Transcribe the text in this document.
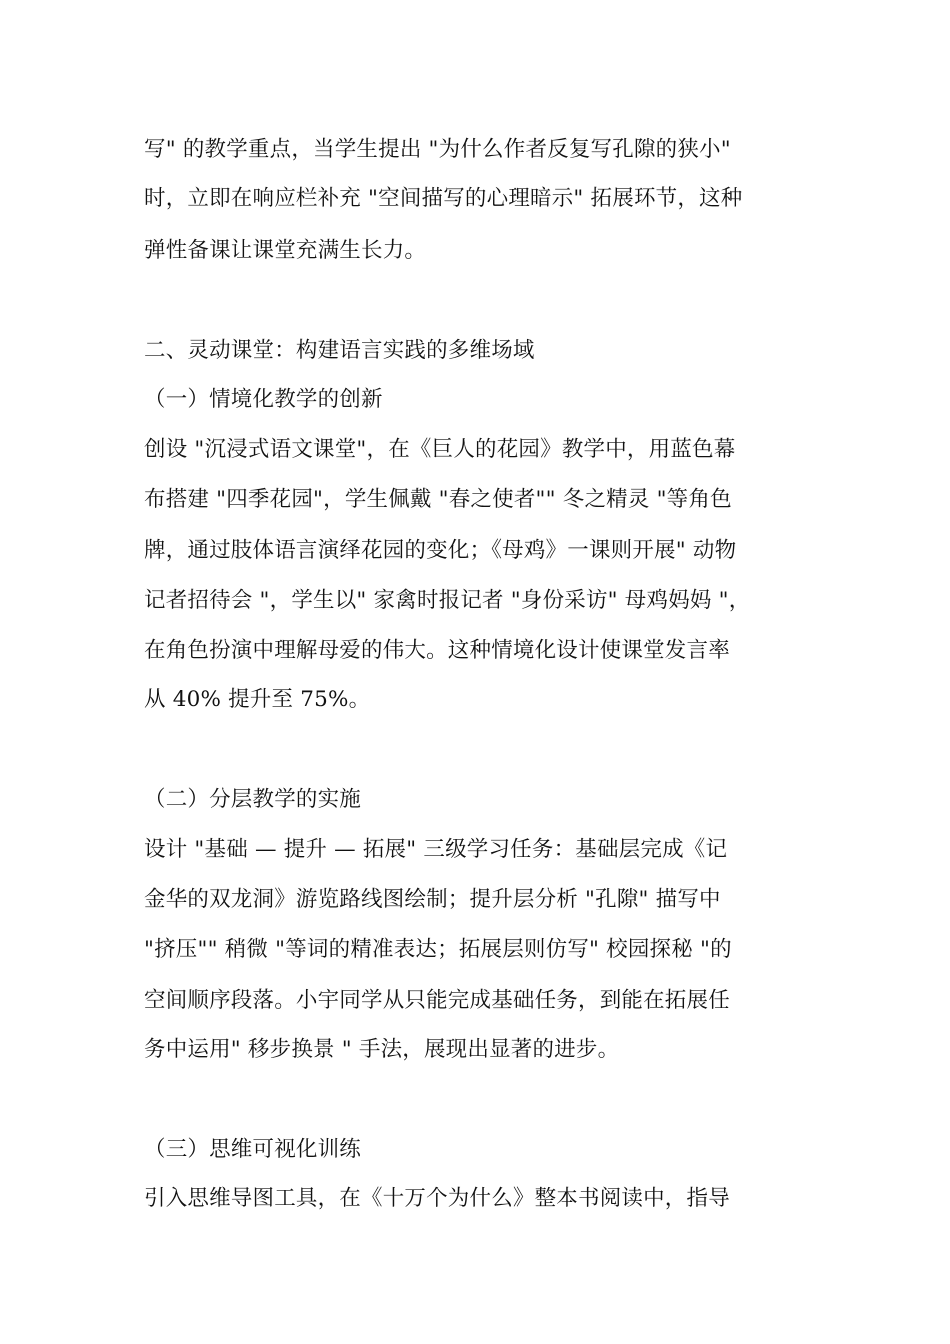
写" 的教学重点，当学生提出 "为什么作者反复写孔隙的狭小"
时，立即在响应栏补充 "空间描写的心理暗示" 拓展环节，这种
弹性备课让课堂充满生长力。
二、灵动课堂：构建语言实践的多维场域
（一）情境化教学的创新
创设 "沉浸式语文课堂"，在《巨人的花园》教学中，用蓝色幕
布搭建 "四季花园"，学生佩戴 "春之使者"" 冬之精灵 "等角色
牌，通过肢体语言演绎花园的变化；《母鸡》一课则开展" 动物
记者招待会 "，学生以" 家禽时报记者 "身份采访" 母鸡妈妈 "，
在角色扮演中理解母爱的伟大。这种情境化设计使课堂发言率
从 40% 提升至 75%。
（二）分层教学的实施
设计 "基础 — 提升 — 拓展" 三级学习任务：基础层完成《记
金华的双龙洞》游览路线图绘制；提升层分析 "孔隙" 描写中
"挤压"" 稍微 "等词的精准表达；拓展层则仿写" 校园探秘 "的
空间顺序段落。小宇同学从只能完成基础任务，到能在拓展任
务中运用" 移步换景 " 手法，展现出显著的进步。
（三）思维可视化训练
引入思维导图工具，在《十万个为什么》整本书阅读中，指导
